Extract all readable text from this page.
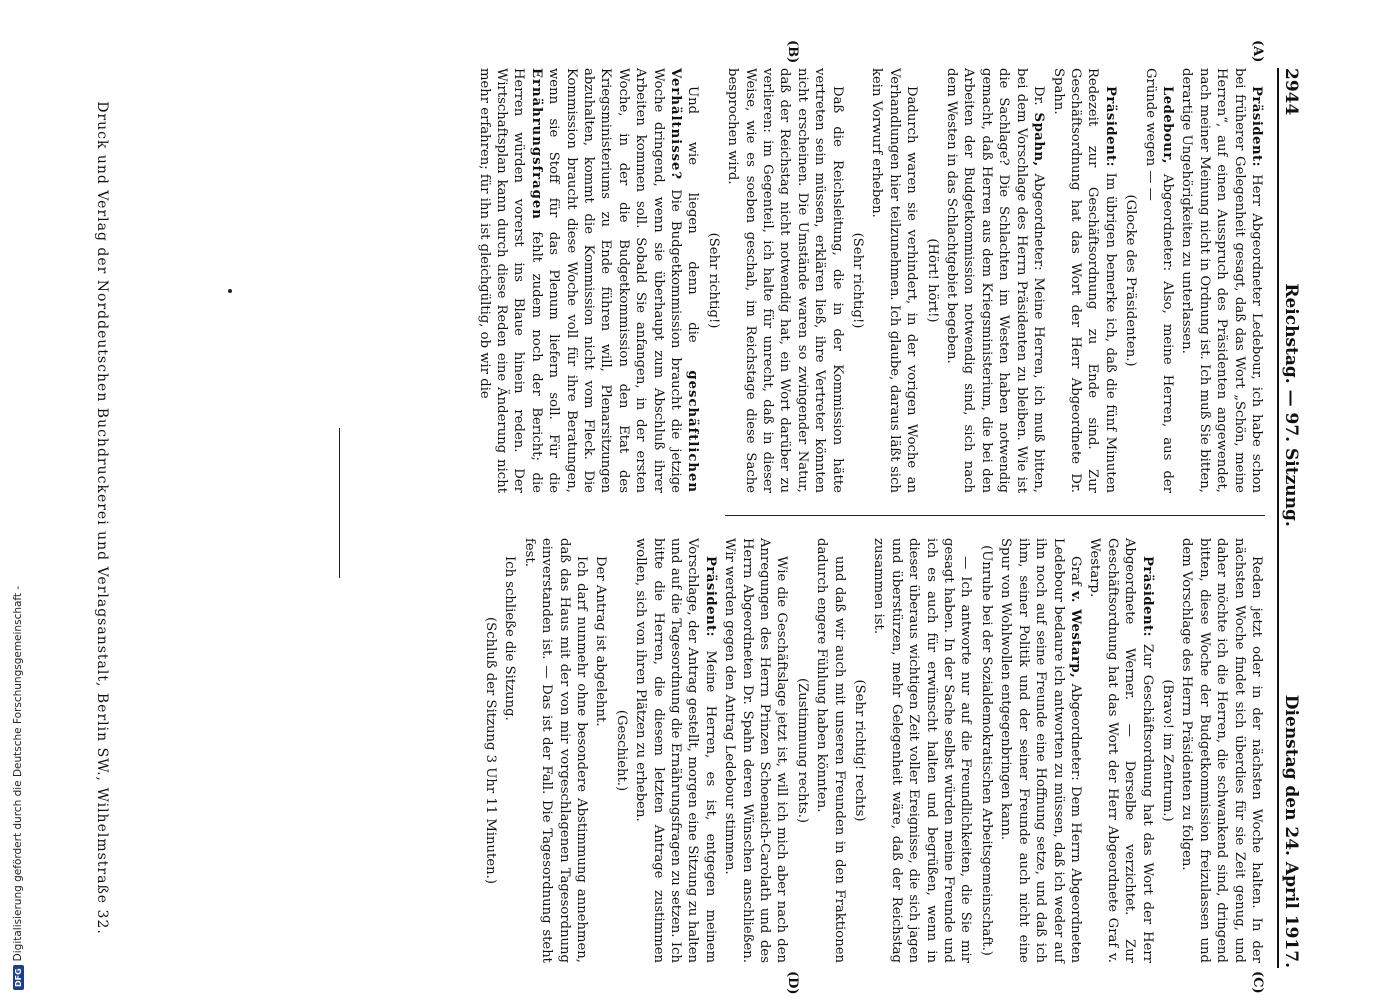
2944
Reichstag. — 97. Sitzung.
Dienstag den 24. April 1917.
(A)
(B)
(C)
(D)

Präsident: Herr Abgeordneter Ledebour, ich habe schon bei früherer Gelegenheit gesagt, daß das Wort „Schön, meine Herren“, auf einen Ausspruch des Präsidenten angewendet, nach meiner Meinung nicht in Ordnung ist. Ich muß Sie bitten, derartige Ungehörigkeiten zu unterlassen.

Ledebour, Abgeordneter: Also, meine Herren, aus der Gründe wegen — —

(Glocke des Präsidenten.)

Präsident: Im übrigen bemerke ich, daß die fünf Minuten Redezeit zur Geschäftsordnung zu Ende sind. Zur Geschäftsordnung hat das Wort der Herr Abgeordnete Dr. Spahn.

Dr. Spahn, Abgeordneter: Meine Herren, ich muß bitten, bei dem Vorschlage des Herrn Präsidenten zu bleiben. Wie ist die Sachlage? Die Schlachten im Westen haben notwendig gemacht, daß Herren aus dem Kriegsministerium, die bei den Arbeiten der Budgetkommission notwendig sind, sich nach dem Westen in das Schlachtgebiet begeben.

(Hört! hört!)

Dadurch waren sie verhindert, in der vorigen Woche an Verhandlungen hier teilzunehmen. Ich glaube, daraus läßt sich kein Vorwurf erheben.

(Sehr richtig!)

Daß die Reichsleitung, die in der Kommission hätte vertreten sein müssen, erklären ließ, ihre Vertreter könnten nicht erscheinen. Die Umstände waren so zwingender Natur, daß der Reichstag nicht notwendig hat, ein Wort darüber zu verlieren: im Gegenteil, ich halte für unrecht, daß in dieser Weise, wie es soeben geschah, im Reichstage diese Sache besprochen wird.

(Sehr richtig!)

Und wie liegen denn die geschäftlichen Verhältnisse? Die Budgetkommission braucht die jetzige Woche dringend, wenn sie überhaupt zum Abschluß ihrer Arbeiten kommen soll. Sobald Sie anfangen, in der ersten Woche, in der die Budgetkommission den Etat des Kriegsministeriums zu Ende führen will, Plenarsitzungen abzuhalten, kommt die Kommission nicht vom Fleck. Die Kommission braucht diese Woche voll für ihre Beratungen, wenn sie Stoff für das Plenum liefern soll. Für die Ernährungsfragen fehlt zudem noch der Bericht; die Herren würden vorerst ins Blaue hinein reden. Der Wirtschaftsplan kann durch diese Reden eine Änderung nicht mehr erfahren; für ihn ist gleichgültig, ob wir die

Reden jetzt oder in der nächsten Woche halten. In der nächsten Woche findet sich überdies für sie Zeit genug, und daher möchte ich die Herren, die schwankend sind, dringend bitten, diese Woche der Budgetkommission freizulassen und dem Vorschlage des Herrn Präsidenten zu folgen.

(Bravo! im Zentrum.)

Präsident: Zur Geschäftsordnung hat das Wort der Herr Abgeordnete Werner. — Derselbe verzichtet. Zur Geschäftsordnung hat das Wort der Herr Abgeordnete Graf v. Westarp.

Graf v. Westarp, Abgeordneter: Dem Herrn Abgeordneten Ledebour bedaure ich antworten zu müssen, daß ich weder auf ihn noch auf seine Freunde eine Hoffnung setze, und daß ich ihm, seiner Politik und der seiner Freunde auch nicht eine Spur von Wohlwollen entgegenbringen kann.

(Unruhe bei der Sozialdemokratischen Arbeitsgemeinschaft.)

— Ich antworte nur auf die Freundlichkeiten, die Sie mir gesagt haben. In der Sache selbst würden meine Freunde und ich es auch für erwünscht halten und begrüßen, wenn in dieser überaus wichtigen Zeit voller Ereignisse, die sich jagen und überstürzen, mehr Gelegenheit wäre, daß der Reichstag zusammen ist.

(Sehr richtig! rechts)

und daß wir auch mit unseren Freunden in den Fraktionen dadurch engere Fühlung haben könnten.

(Zustimmung rechts.)

Wie die Geschäftslage jetzt ist, will ich mich aber nach den Anregungen des Herrn Prinzen Schoenaich-Carolath und des Herrn Abgeordneten Dr. Spahn deren Wünschen anschließen. Wir werden gegen den Antrag Ledebour stimmen.

Präsident: Meine Herren, es ist, entgegen meinem Vorschlage, der Antrag gestellt, morgen eine Sitzung zu halten und auf die Tagesordnung die Ernährungsfragen zu setzen. Ich bitte die Herren, die diesem letzten Antrage zustimmen wollen, sich von ihren Plätzen zu erheben.

(Geschieht.)

Der Antrag ist abgelehnt.

Ich darf nunmehr ohne besondere Abstimmung annehmen, daß das Haus mit der von mir vorgeschlagenen Tagesordnung einverstanden ist. — Das ist der Fall. Die Tagesordnung steht fest.

Ich schließe die Sitzung.

(Schluß der Sitzung 3 Uhr 11 Minuten.)

Druck und Verlag der Norddeutschen Buchdruckerei und Verlagsanstalt, Berlin SW., Wilhelmstraße 32.
DFG
Digitalisierung gefördert durch die Deutsche Forschungsgemeinschaft -
